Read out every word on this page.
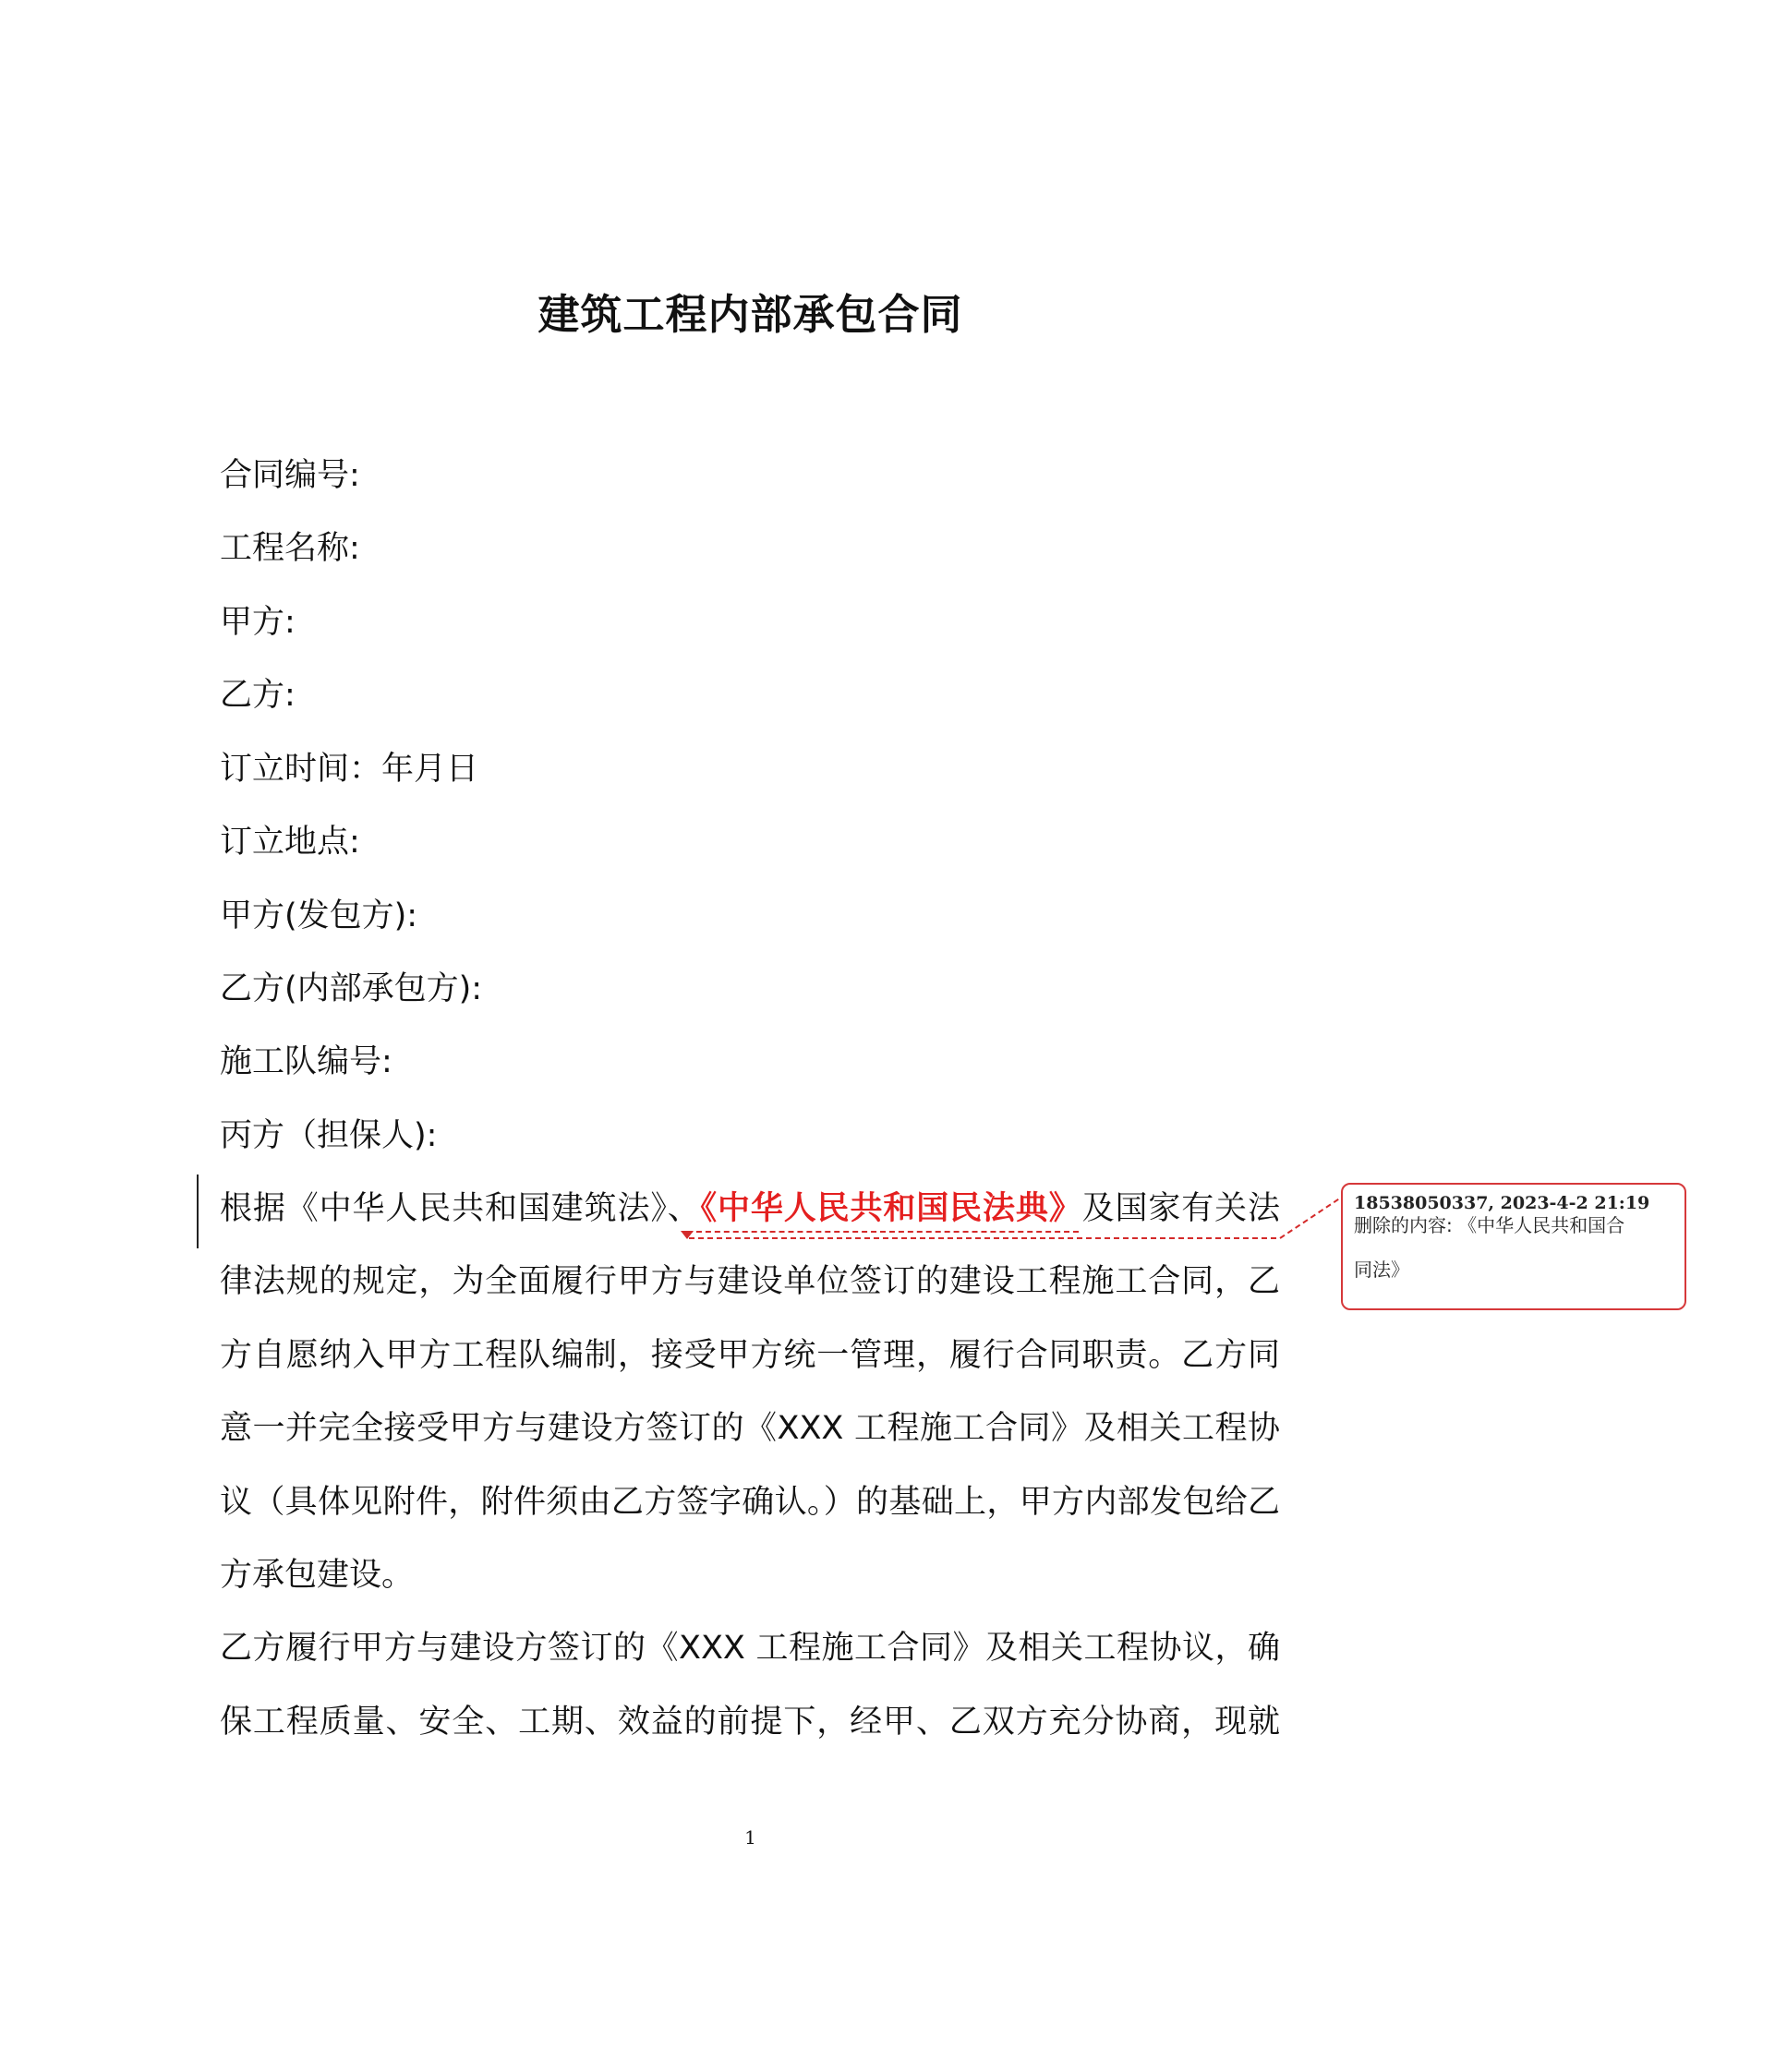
建筑工程内部承包合同
合同编号:
工程名称:
甲方:
乙方:
订立时间：年月日
订立地点:
甲方(发包方):
乙方(内部承包方):
施工队编号:
丙方（担保人):
根据《中华人民共和国建筑法》、《中华人民共和国民法典》及国家有关法
律法规的规定，为全面履行甲方与建设单位签订的建设工程施工合同，乙
方自愿纳入甲方工程队编制，接受甲方统一管理，履行合同职责。乙方同
意一并完全接受甲方与建设方签订的《XXX 工程施工合同》及相关工程协
议（具体见附件，附件须由乙方签字确认。）的基础上，甲方内部发包给乙
方承包建设。
乙方履行甲方与建设方签订的《XXX 工程施工合同》及相关工程协议，确
保工程质量、安全、工期、效益的前提下，经甲、乙双方充分协商，现就
18538050337, 2023-4-2 21:19
删除的内容: 《中华人民共和国合
同法》
1
